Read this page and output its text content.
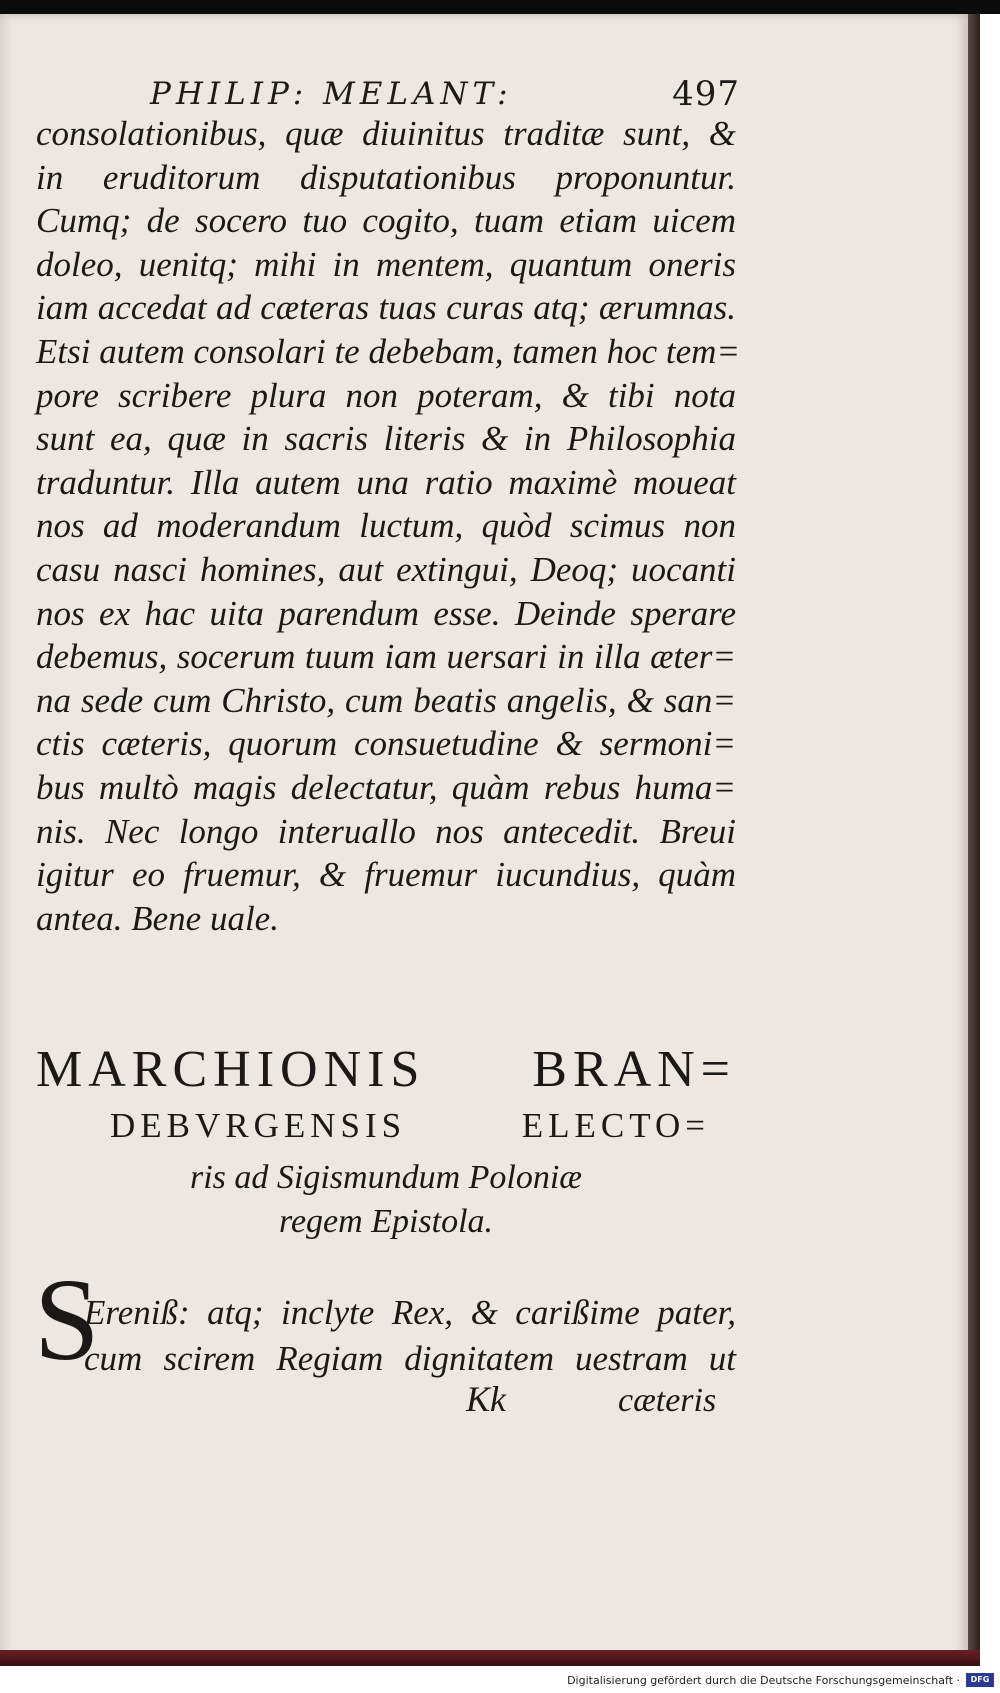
PHILIP: MELANT:	497
consolationibus, quæ diuinitus traditæ sunt, &
in eruditorum disputationibus proponuntur.
Cumq; de socero tuo cogito, tuam etiam uicem
doleo, uenitq; mihi in mentem, quantum oneris
iam accedat ad cæteras tuas curas atq; ærumnas.
Etsi autem consolari te debebam, tamen hoc tem=
pore scribere plura non poteram, & tibi nota
sunt ea, quæ in sacris literis & in Philosophia
traduntur. Illa autem una ratio maximè moueat
nos ad moderandum luctum, quòd scimus non
casu nasci homines, aut extingui, Deoq; uocanti
nos ex hac uita parendum esse. Deinde sperare
debemus, socerum tuum iam uersari in illa æter=
na sede cum Christo, cum beatis angelis, & san=
ctis cæteris, quorum consuetudine & sermoni=
bus multò magis delectatur, quàm rebus huma=
nis. Nec longo interuallo nos antecedit. Breui
igitur eo fruemur, & fruemur iucundius, quàm
antea. Bene uale.
MARCHIONIS BRAN=
DEBVRGENSIS ELECTO=
ris ad Sigismundum Poloniæ
regem Epistola.
S
Ereniß: atq; inclyte Rex, & carißime pater,
cum scirem Regiam dignitatem uestram ut
Kk	cæteris
Digitalisierung gefördert durch die Deutsche Forschungsgemeinschaft ·	DFG
